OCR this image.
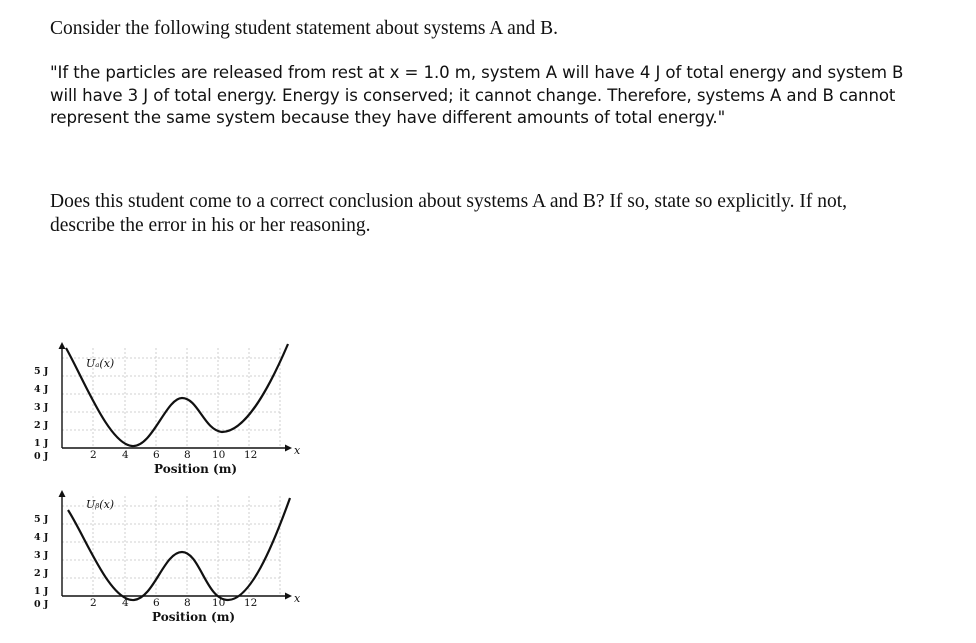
Consider the following student statement about systems A and B.

"If the particles are released from rest at x = 1.0 m, system A will have 4 J of total energy and system B will have 3 J of total energy. Energy is conserved; it cannot change. Therefore, systems A and B cannot represent the same system because they have different amounts of total energy."

Does this student come to a correct conclusion about systems A and B? If so, state so explicitly. If not, describe the error in his or her reasoning.

Uₐ(x)
5 J
4 J
3 J
2 J
1 J
0 J	2 4 6 8 10 12	x
Position (m)
Uᵦ(x)
5 J
4 J
3 J
2 J
1 J
0 J	2 4 6 8 10 12	x
Position (m)
